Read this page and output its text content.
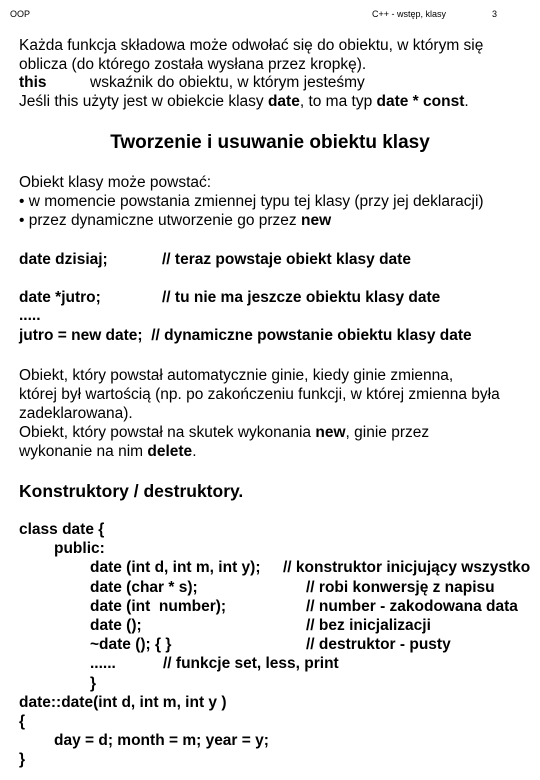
OOP	C++ - wstęp, klasy	3
Każda funkcja składowa może odwołać się do obiektu, w którym się
oblicza (do którego została wysłana przez kropkę).
this	wskaźnik do obiektu, w którym jesteśmy
Jeśli this użyty jest w obiekcie klasy date, to ma typ date * const.
Tworzenie i usuwanie obiektu klasy
Obiekt klasy może powstać:
• w momencie powstania zmiennej typu tej klasy (przy jej deklaracji)
• przez dynamiczne utworzenie go przez new
date dzisiaj;	// teraz powstaje obiekt klasy date
date *jutro;	// tu nie ma jeszcze obiektu klasy date
.....
jutro = new date;  // dynamiczne powstanie obiektu klasy date
Obiekt, który powstał automatycznie ginie, kiedy ginie zmienna,
której był wartością (np. po zakończeniu funkcji, w której zmienna była
zadeklarowana).
Obiekt, który powstał na skutek wykonania new, ginie przez
wykonanie na nim delete.
Konstruktory / destruktory.
class date {
public:
date (int d, int m, int y); // konstruktor inicjujący wszystko
date (char * s);	// robi konwersję z napisu
date (int  number);	// number - zakodowana data
date ();	// bez inicjalizacji
~date (); { }	// destruktor - pusty
......	// funkcje set, less, print
}
date::date(int d, int m, int y )
{
day = d; month = m; year = y;
}
